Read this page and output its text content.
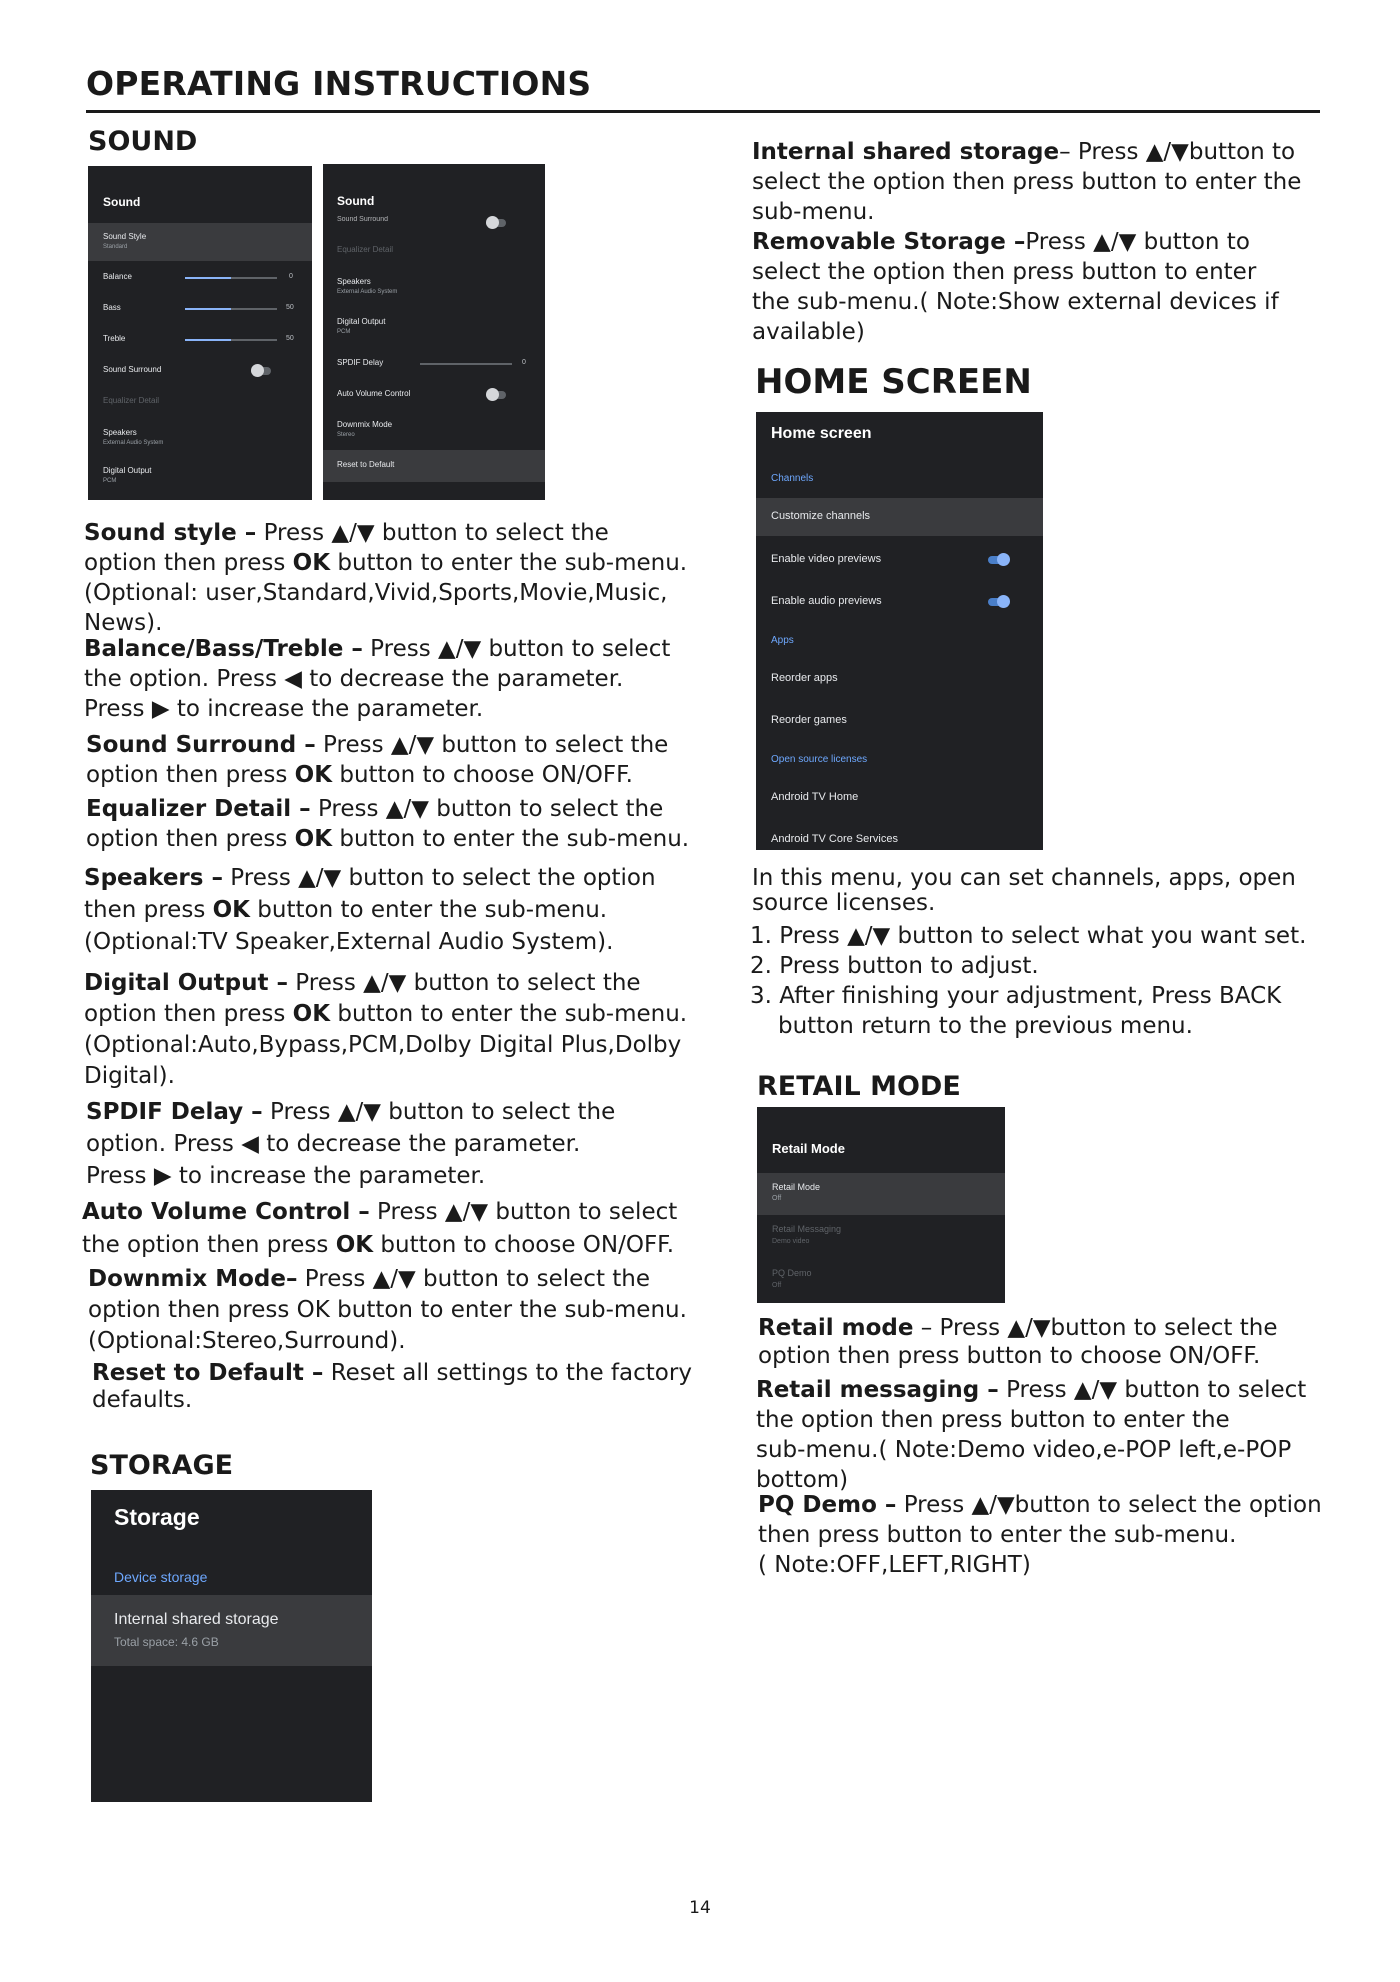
OPERATING INSTRUCTIONS
SOUND
Sound
Sound Style
Standard
Balance	0
Bass	50
Treble	50
Sound Surround
Equalizer Detail
Speakers
External Audio System
Digital Output
PCM
Sound
Sound Surround
Equalizer Detail
Speakers
External Audio System
Digital Output
PCM
SPDIF Delay	0
Auto Volume Control
Downmix Mode
Stereo
Reset to Default
Sound style – Press ▲/▼ button to select the
option then press OK button to enter the sub-menu.
(Optional: user,Standard,Vivid,Sports,Movie,Music,
News).
Balance/Bass/Treble – Press ▲/▼ button to select
the option. Press ◀ to decrease the parameter.
Press ▶ to increase the parameter.
Sound Surround – Press ▲/▼ button to select the
option then press OK button to choose ON/OFF.
Equalizer Detail – Press ▲/▼ button to select the
option then press OK button to enter the sub-menu.
Speakers – Press ▲/▼ button to select the option
then press OK button to enter the sub-menu.
(Optional:TV Speaker,External Audio System).
Digital Output – Press ▲/▼ button to select the
option then press OK button to enter the sub-menu.
(Optional:Auto,Bypass,PCM,Dolby Digital Plus,Dolby
Digital).
SPDIF Delay – Press ▲/▼ button to select the
option. Press ◀ to decrease the parameter.
Press ▶ to increase the parameter.
Auto Volume Control – Press ▲/▼ button to select
the option then press OK button to choose ON/OFF.
Downmix Mode– Press ▲/▼ button to select the
option then press OK button to enter the sub-menu.
(Optional:Stereo,Surround).
Reset to Default – Reset all settings to the factory
defaults.
STORAGE
Storage
Device storage
Internal shared storage
Total space: 4.6 GB
Internal shared storage– Press ▲/▼button to
select the option then press button to enter the
sub-menu.
Removable Storage –Press ▲/▼ button to
select the option then press button to enter
the sub-menu.( Note:Show external devices if
available)
HOME SCREEN
Home screen
Channels
Customize channels
Enable video previews
Enable audio previews
Apps
Reorder apps
Reorder games
Open source licenses
Android TV Home
Android TV Core Services
In this menu, you can set channels, apps, open
source licenses.
1. Press ▲/▼ button to select what you want set.
2. Press button to adjust.
3. After finishing your adjustment, Press BACK
button return to the previous menu.
RETAIL MODE
Retail Mode
Retail Mode
Off
Retail Messaging
Demo video
PQ Demo
Off
Retail mode – Press ▲/▼button to select the
option then press button to choose ON/OFF.
Retail messaging – Press ▲/▼ button to select
the option then press button to enter the
sub-menu.( Note:Demo video,e-POP left,e-POP
bottom)
PQ Demo – Press ▲/▼button to select the option
then press button to enter the sub-menu.
( Note:OFF,LEFT,RIGHT)
14
